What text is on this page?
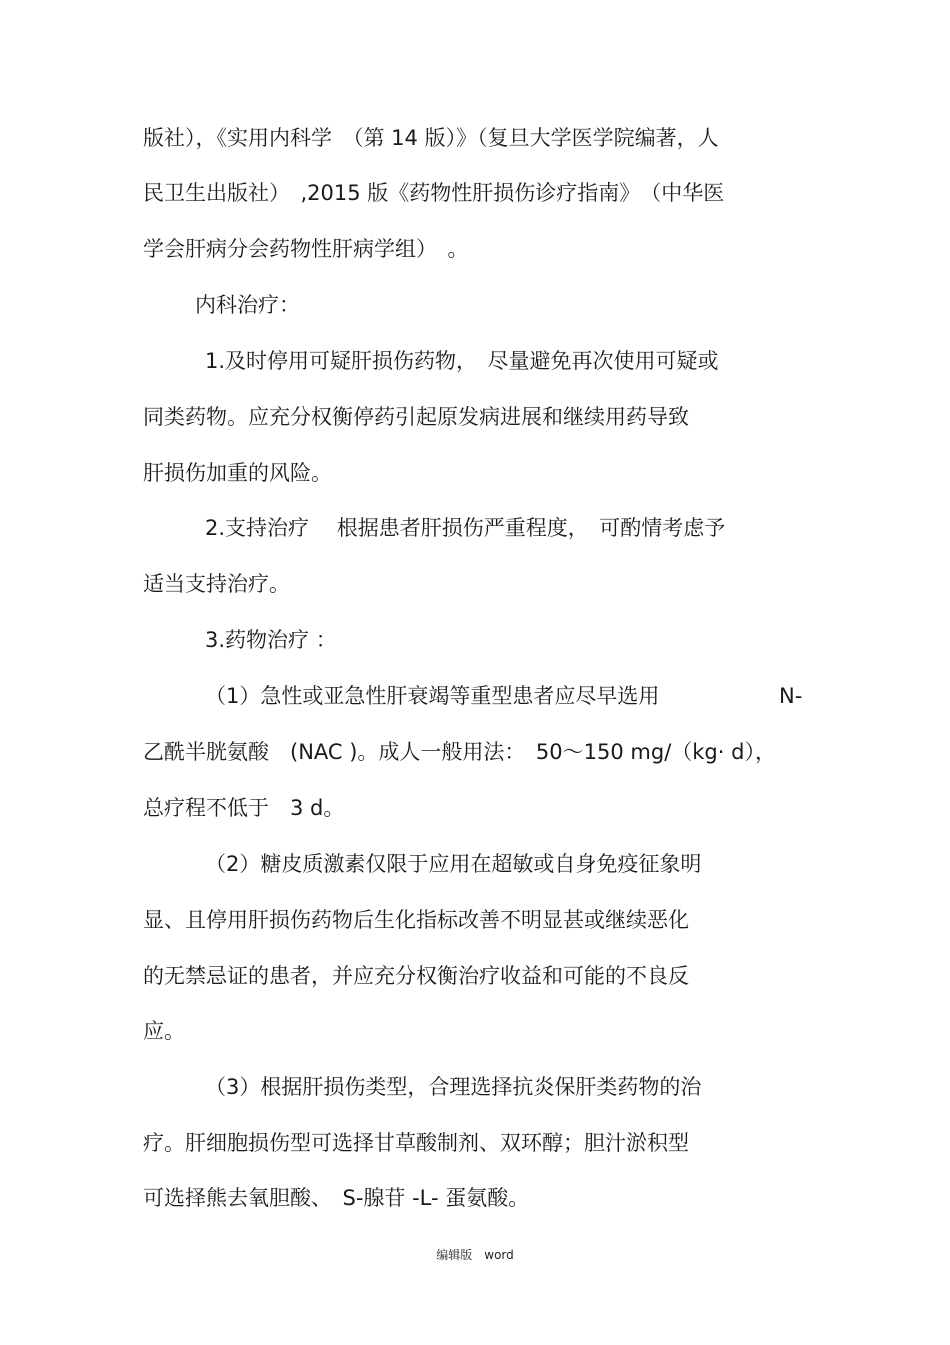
版社），《实用内科学　（第 14 版）》（复旦大学医学院编著，人
民卫生出版社）　,2015 版《药物性肝损伤诊疗指南》　（中华医
学会肝病分会药物性肝病学组）　。
内科治疗：
1.及时停用可疑肝损伤药物，　尽量避免再次使用可疑或
同类药物。应充分权衡停药引起原发病进展和继续用药导致
肝损伤加重的风险。
2.支持治疗　 根据患者肝损伤严重程度，　可酌情考虑予
适当支持治疗。
3.药物治疗 ：
（1）急性或亚急性肝衰竭等重型患者应尽早选用	N-
乙酰半胱氨酸　(NAC )。成人一般用法：　50～150 mg/（kg· d），
总疗程不低于　3 d。
（2）糖皮质激素仅限于应用在超敏或自身免疫征象明
显、且停用肝损伤药物后生化指标改善不明显甚或继续恶化
的无禁忌证的患者，并应充分权衡治疗收益和可能的不良反
应。
（3）根据肝损伤类型，合理选择抗炎保肝类药物的治
疗。肝细胞损伤型可选择甘草酸制剂、双环醇；胆汁淤积型
可选择熊去氧胆酸、　S-腺苷 -L- 蛋氨酸。
编辑版　word
